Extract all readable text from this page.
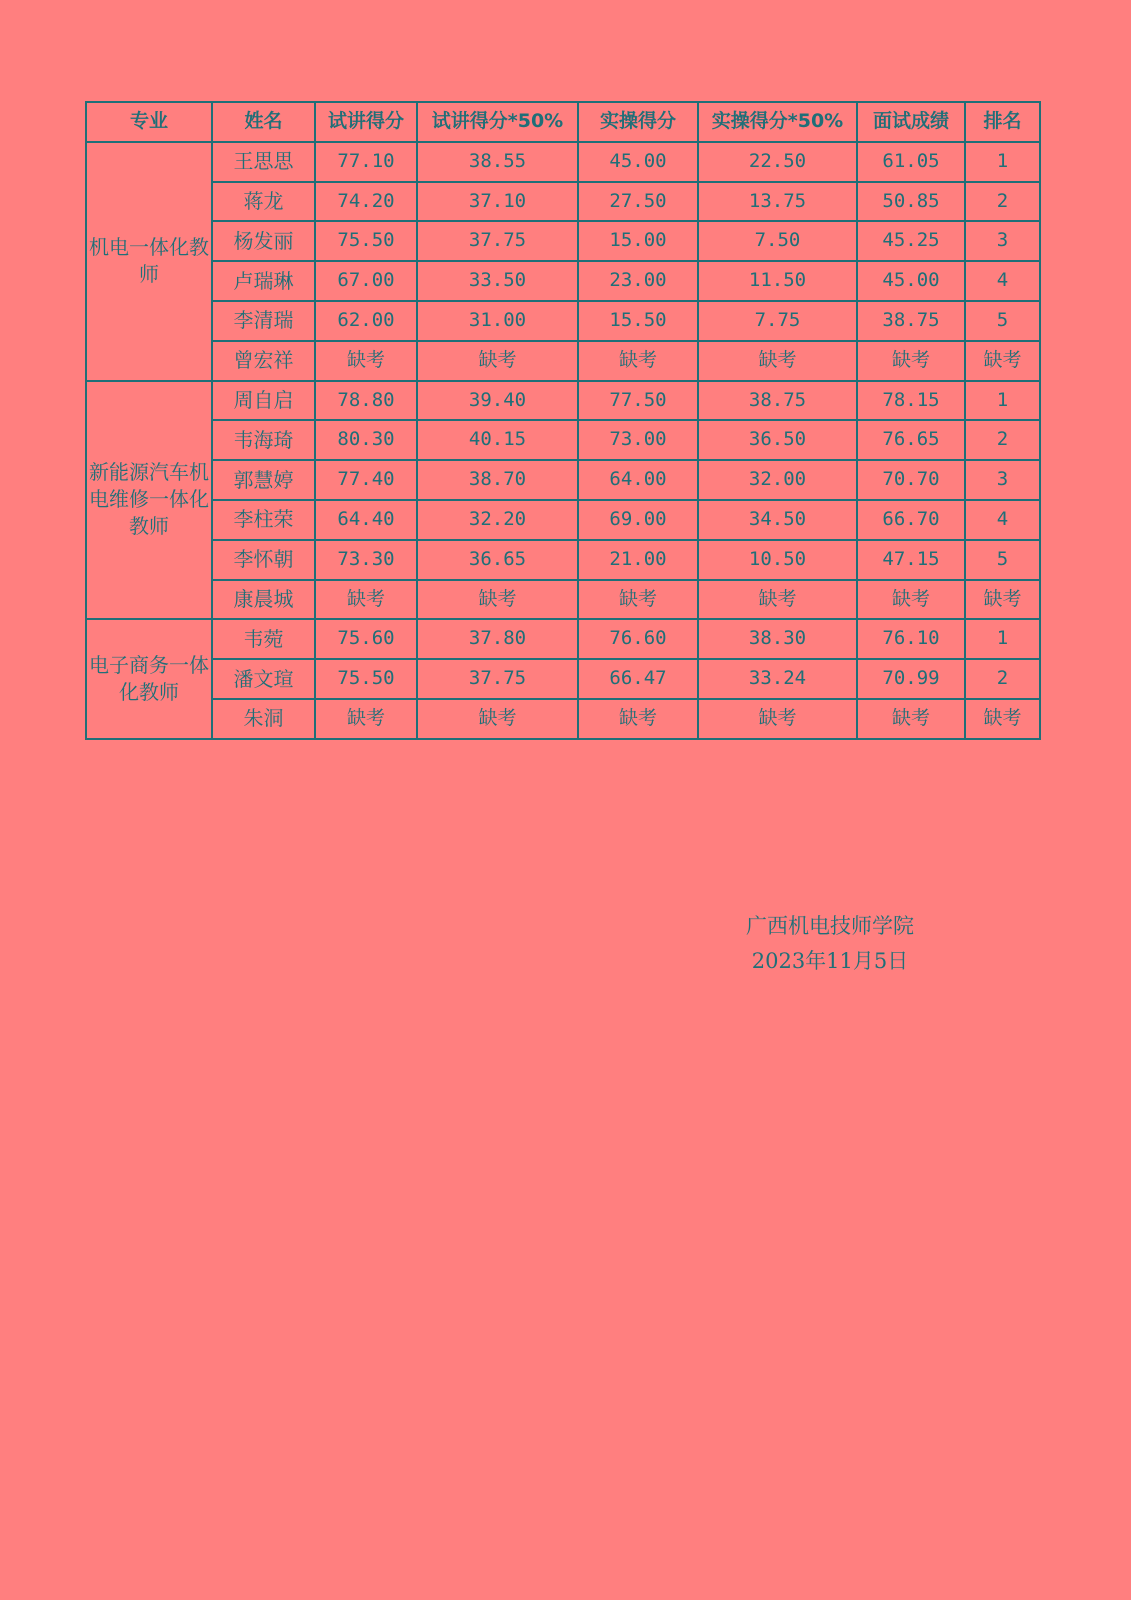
专业	姓名	试讲得分	试讲得分*50%	实操得分	实操得分*50%	面试成绩	排名
机电一体化教师	王思思	77.10	38.55	45.00	22.50	61.05	1
	蒋龙	74.20	37.10	27.50	13.75	50.85	2
	杨发丽	75.50	37.75	15.00	7.50	45.25	3
	卢瑞琳	67.00	33.50	23.00	11.50	45.00	4
	李清瑞	62.00	31.00	15.50	7.75	38.75	5
	曾宏祥	缺考	缺考	缺考	缺考	缺考	缺考
新能源汽车机电维修一体化教师	周自启	78.80	39.40	77.50	38.75	78.15	1
	韦海琦	80.30	40.15	73.00	36.50	76.65	2
	郭慧婷	77.40	38.70	64.00	32.00	70.70	3
	李柱荣	64.40	32.20	69.00	34.50	66.70	4
	李怀朝	73.30	36.65	21.00	10.50	47.15	5
	康晨城	缺考	缺考	缺考	缺考	缺考	缺考
电子商务一体化教师	韦菀	75.60	37.80	76.60	38.30	76.10	1
	潘文瑄	75.50	37.75	66.47	33.24	70.99	2
	朱洞	缺考	缺考	缺考	缺考	缺考	缺考
广西机电技师学院
2023年11月5日
